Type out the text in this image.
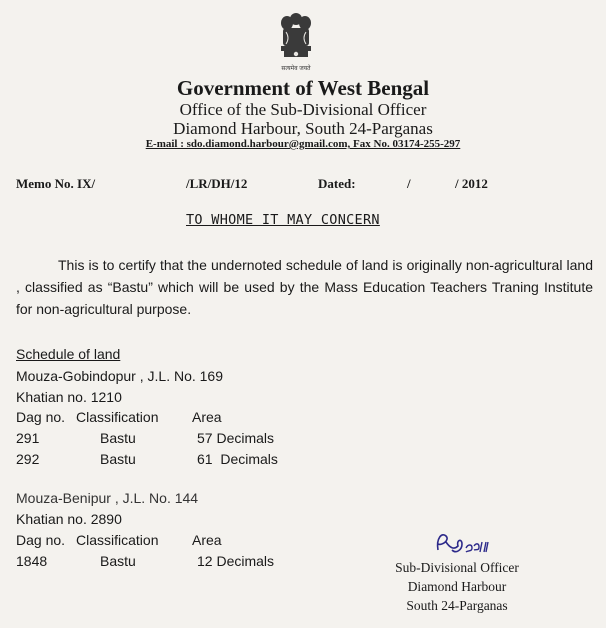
सत्यमेव जयते
Government of West Bengal
Office of the Sub-Divisional Officer
Diamond Harbour, South 24-Parganas
E-mail : sdo.diamond.harbour@gmail.com, Fax No. 03174-255-297
Memo No. IX/	/LR/DH/12	Dated:	/	/ 2012
TO WHOME IT MAY CONCERN
This is to certify that the undernoted schedule of land is originally non-agricultural land , classified as “Bastu” which will be used by the Mass Education Teachers Traning Institute for non-agricultural purpose.
Schedule of land
Mouza-Gobindopur , J.L. No. 169
Khatian no. 1210
Dag no. Classification Area
291	Bastu	57 Decimals
292	Bastu	61  Decimals
Mouza-Benipur , J.L. No. 144
Khatian no. 2890
Dag no. Classification Area
1848	Bastu	12 Decimals	Sub-Divisional Officer
Diamond Harbour
South 24-Parganas
